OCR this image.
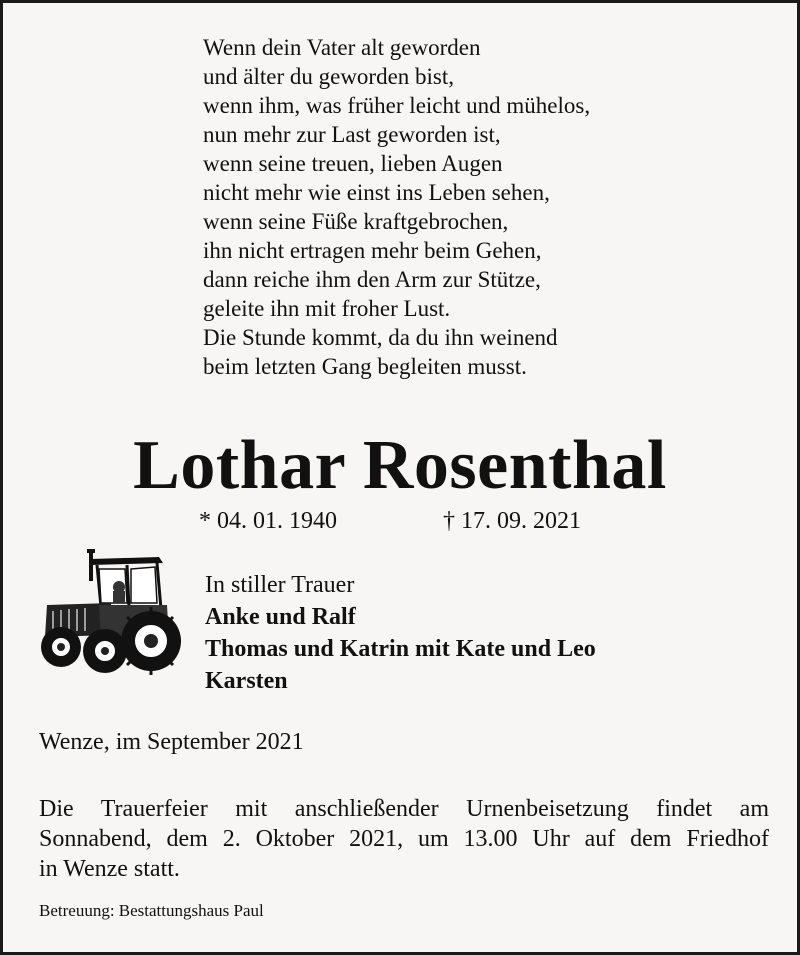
Wenn dein Vater alt geworden
und älter du geworden bist,
wenn ihm, was früher leicht und mühelos,
nun mehr zur Last geworden ist,
wenn seine treuen, lieben Augen
nicht mehr wie einst ins Leben sehen,
wenn seine Füße kraftgebrochen,
ihn nicht ertragen mehr beim Gehen,
dann reiche ihm den Arm zur Stütze,
geleite ihn mit froher Lust.
Die Stunde kommt, da du ihn weinend
beim letzten Gang begleiten musst.
Lothar Rosenthal
* 04. 01. 1940	† 17. 09. 2021
In stiller Trauer
Anke und Ralf
Thomas und Katrin mit Kate und Leo
Karsten
Wenze, im September 2021
Die Trauerfeier mit anschließender Urnenbeisetzung findet am
Sonnabend, dem 2. Oktober 2021, um 13.00 Uhr auf dem Friedhof
in Wenze statt.
Betreuung: Bestattungshaus Paul
